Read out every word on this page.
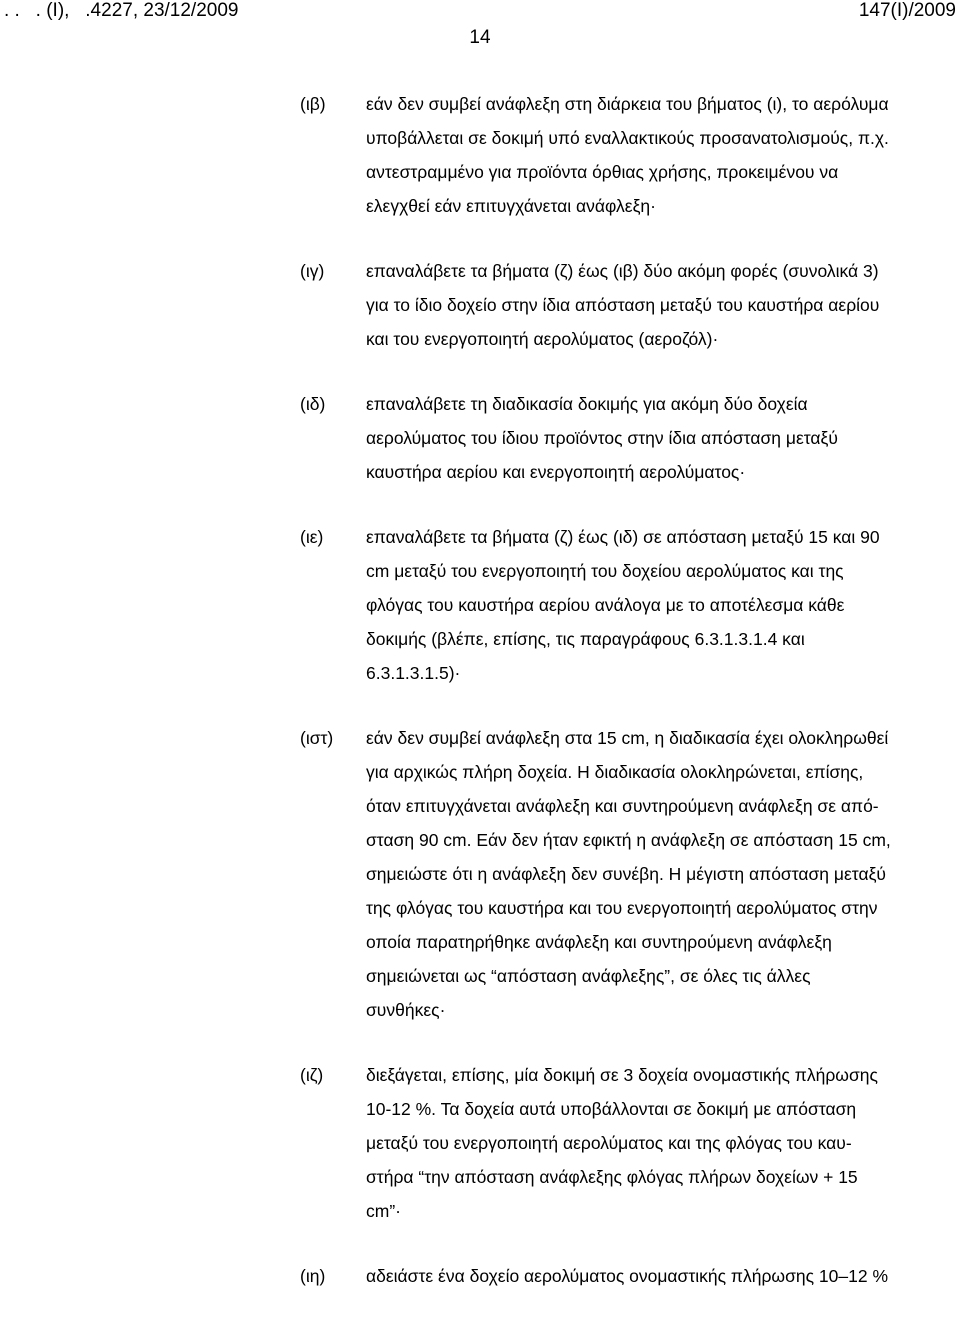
. .   . (Ι),   .4227, 23/12/2009	147(Ι)/2009
14
(ιβ) εάν δεν συμβεί ανάφλεξη στη διάρκεια του βήματος (ι), το αερόλυμα
υποβάλλεται σε δοκιμή υπό εναλλακτικούς προσανατολισμούς, π.χ.
αντεστραμμένο για προϊόντα όρθιας χρήσης, προκειμένου να
ελεγχθεί εάν επιτυγχάνεται ανάφλεξη·
(ιγ) επαναλάβετε τα βήματα (ζ) έως (ιβ) δύο ακόμη φορές (συνολικά 3)
για το ίδιο δοχείο στην ίδια απόσταση μεταξύ του καυστήρα αερίου
και του ενεργοποιητή αερολύματος (αεροζόλ)·
(ιδ) επαναλάβετε τη διαδικασία δοκιμής για ακόμη δύο δοχεία
αερολύματος του ίδιου προϊόντος στην ίδια απόσταση μεταξύ
καυστήρα αερίου και ενεργοποιητή αερολύματος·
(ιε) επαναλάβετε τα βήματα (ζ) έως (ιδ) σε απόσταση μεταξύ 15 και 90
cm μεταξύ του ενεργοποιητή του δοχείου αερολύματος και της
φλόγας του καυστήρα αερίου ανάλογα με το αποτέλεσμα κάθε
δοκιμής (βλέπε, επίσης, τις παραγράφους 6.3.1.3.1.4 και
6.3.1.3.1.5)·
(ιστ) εάν δεν συμβεί ανάφλεξη στα 15 cm, η διαδικασία έχει ολοκληρωθεί
για αρχικώς πλήρη δοχεία. Η διαδικασία ολοκληρώνεται, επίσης,
όταν επιτυγχάνεται ανάφλεξη και συντηρούμενη ανάφλεξη σε από-
σταση 90 cm. Εάν δεν ήταν εφικτή η ανάφλεξη σε απόσταση 15 cm,
σημειώστε ότι η ανάφλεξη δεν συνέβη. Η μέγιστη απόσταση μεταξύ
της φλόγας του καυστήρα και του ενεργοποιητή αερολύματος στην
οποία παρατηρήθηκε ανάφλεξη και συντηρούμενη ανάφλεξη
σημειώνεται ως “απόσταση ανάφλεξης”, σε όλες τις άλλες
συνθήκες·
(ιζ) διεξάγεται, επίσης, μία δοκιμή σε 3 δοχεία ονομαστικής πλήρωσης
10-12 %. Τα δοχεία αυτά υποβάλλονται σε δοκιμή με απόσταση
μεταξύ του ενεργοποιητή αερολύματος και της φλόγας του καυ-
στήρα “την απόσταση ανάφλεξης φλόγας πλήρων δοχείων + 15
cm”·
(ιη) αδειάστε ένα δοχείο αερολύματος ονομαστικής πλήρωσης 10–12 %
